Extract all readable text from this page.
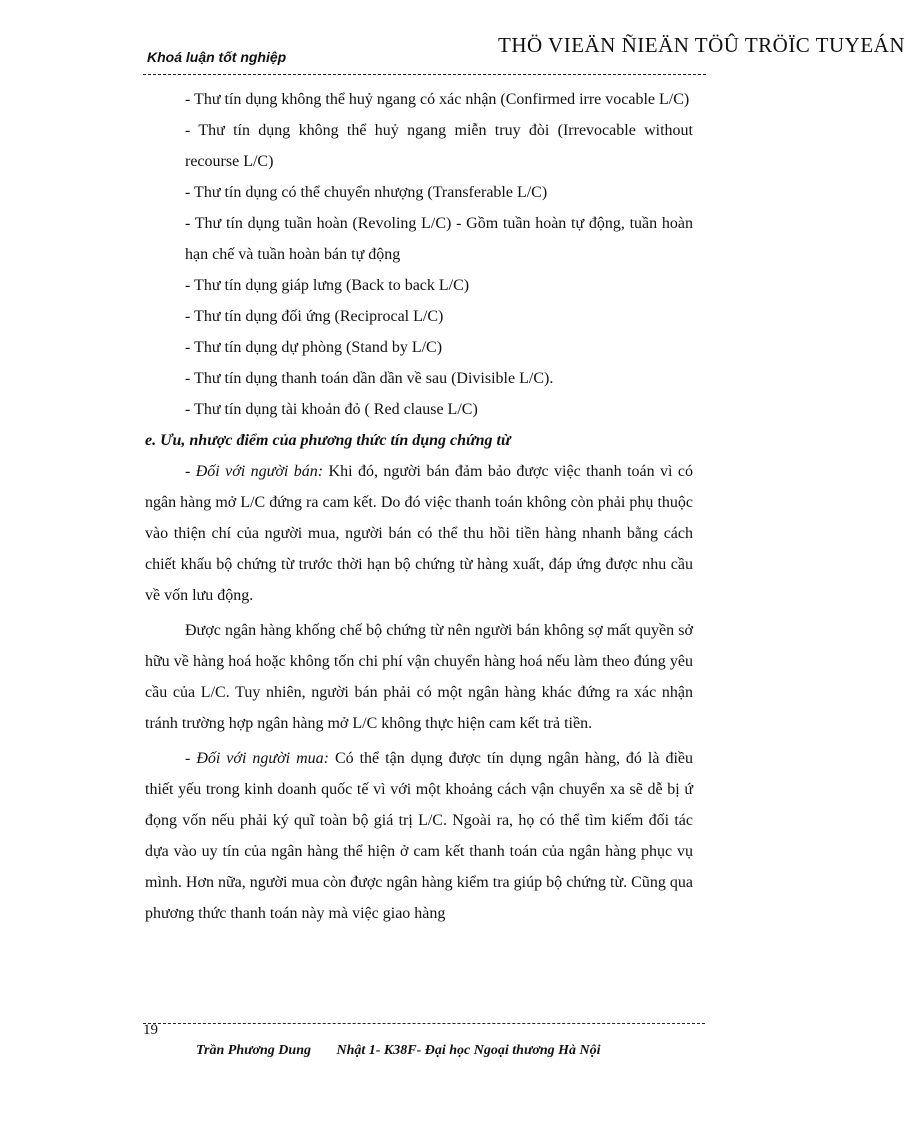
Khoá luận tốt nghiệp	THÖ VIEÄN ÑIEÄN TÖÛ TRÖÏC TUYEÁN

- Thư tín dụng không thể huỷ ngang có xác nhận (Confirmed irre vocable L/C)

- Thư tín dụng không thể huỷ ngang miễn truy đòi (Irrevocable without recourse L/C)

- Thư tín dụng có thể chuyển nhượng (Transferable L/C)

- Thư tín dụng tuần hoàn (Revoling L/C) - Gồm tuần hoàn tự động, tuần hoàn hạn chế và tuần hoàn bán tự động

- Thư tín dụng giáp lưng (Back to back L/C)

- Thư tín dụng đối ứng (Reciprocal L/C)

- Thư tín dụng dự phòng (Stand by L/C)

- Thư tín dụng thanh toán dần dần về sau (Divisible L/C).

- Thư tín dụng tài khoản đỏ ( Red clause L/C)

e. Ưu, nhược điểm của phương thức tín dụng chứng từ

- Đối với người bán: Khi đó, người bán đảm bảo được việc thanh toán vì có ngân hàng mở L/C đứng ra cam kết. Do đó việc thanh toán không còn phải phụ thuộc vào thiện chí của người mua, người bán có thể thu hồi tiền hàng nhanh bằng cách chiết khấu bộ chứng từ trước thời hạn bộ chứng từ hàng xuất, đáp ứng được nhu cầu về vốn lưu động.

Được ngân hàng khống chế bộ chứng từ nên người bán không sợ mất quyền sở hữu về hàng hoá hoặc không tốn chi phí vận chuyển hàng hoá nếu làm theo đúng yêu cầu của L/C. Tuy nhiên, người bán phải có một ngân hàng khác đứng ra xác nhận tránh trường hợp ngân hàng mở L/C không thực hiện cam kết trả tiền.

- Đối với người mua: Có thể tận dụng được tín dụng ngân hàng, đó là điều thiết yếu trong kinh doanh quốc tế vì với một khoảng cách vận chuyển xa sẽ dễ bị ứ đọng vốn nếu phải ký quĩ toàn bộ giá trị L/C. Ngoài ra, họ có thể tìm kiếm đối tác dựa vào uy tín của ngân hàng thể hiện ở cam kết thanh toán của ngân hàng phục vụ mình. Hơn nữa, người mua còn được ngân hàng kiểm tra giúp bộ chứng từ. Cũng qua phương thức thanh toán này mà việc giao hàng

19
Trần Phương Dung Nhật 1- K38F- Đại học Ngoại thương Hà Nội
